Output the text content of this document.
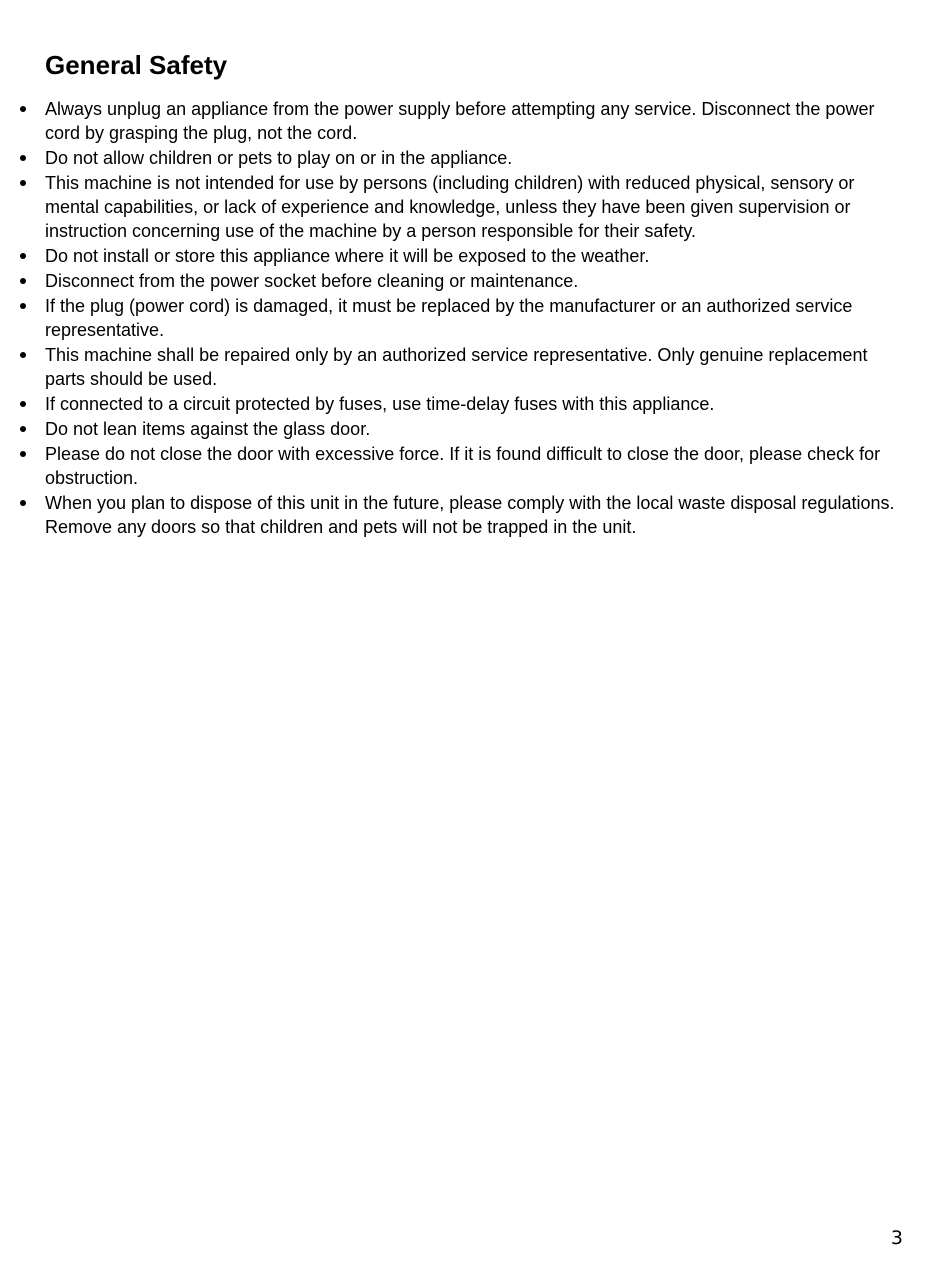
General Safety
Always unplug an appliance from the power supply before attempting any service. Disconnect the power cord by grasping the plug, not the cord.
Do not allow children or pets to play on or in the appliance.
This machine is not intended for use by persons (including children) with reduced physical, sensory or mental capabilities, or lack of experience and knowledge, unless they have been given supervision or instruction concerning use of the machine by a person responsible for their safety.
Do not install or store this appliance where it will be exposed to the weather.
Disconnect from the power socket before cleaning or maintenance.
If the plug (power cord) is damaged, it must be replaced by the manufacturer or an authorized service representative.
This machine shall be repaired only by an authorized service representative. Only genuine replacement parts should be used.
If connected to a circuit protected by fuses, use time-delay fuses with this appliance.
Do not lean items against the glass door.
Please do not close the door with excessive force. If it is found difficult to close the door, please check for obstruction.
When you plan to dispose of this unit in the future, please comply with the local waste disposal regulations. Remove any doors so that children and pets will not be trapped in the unit.
3
